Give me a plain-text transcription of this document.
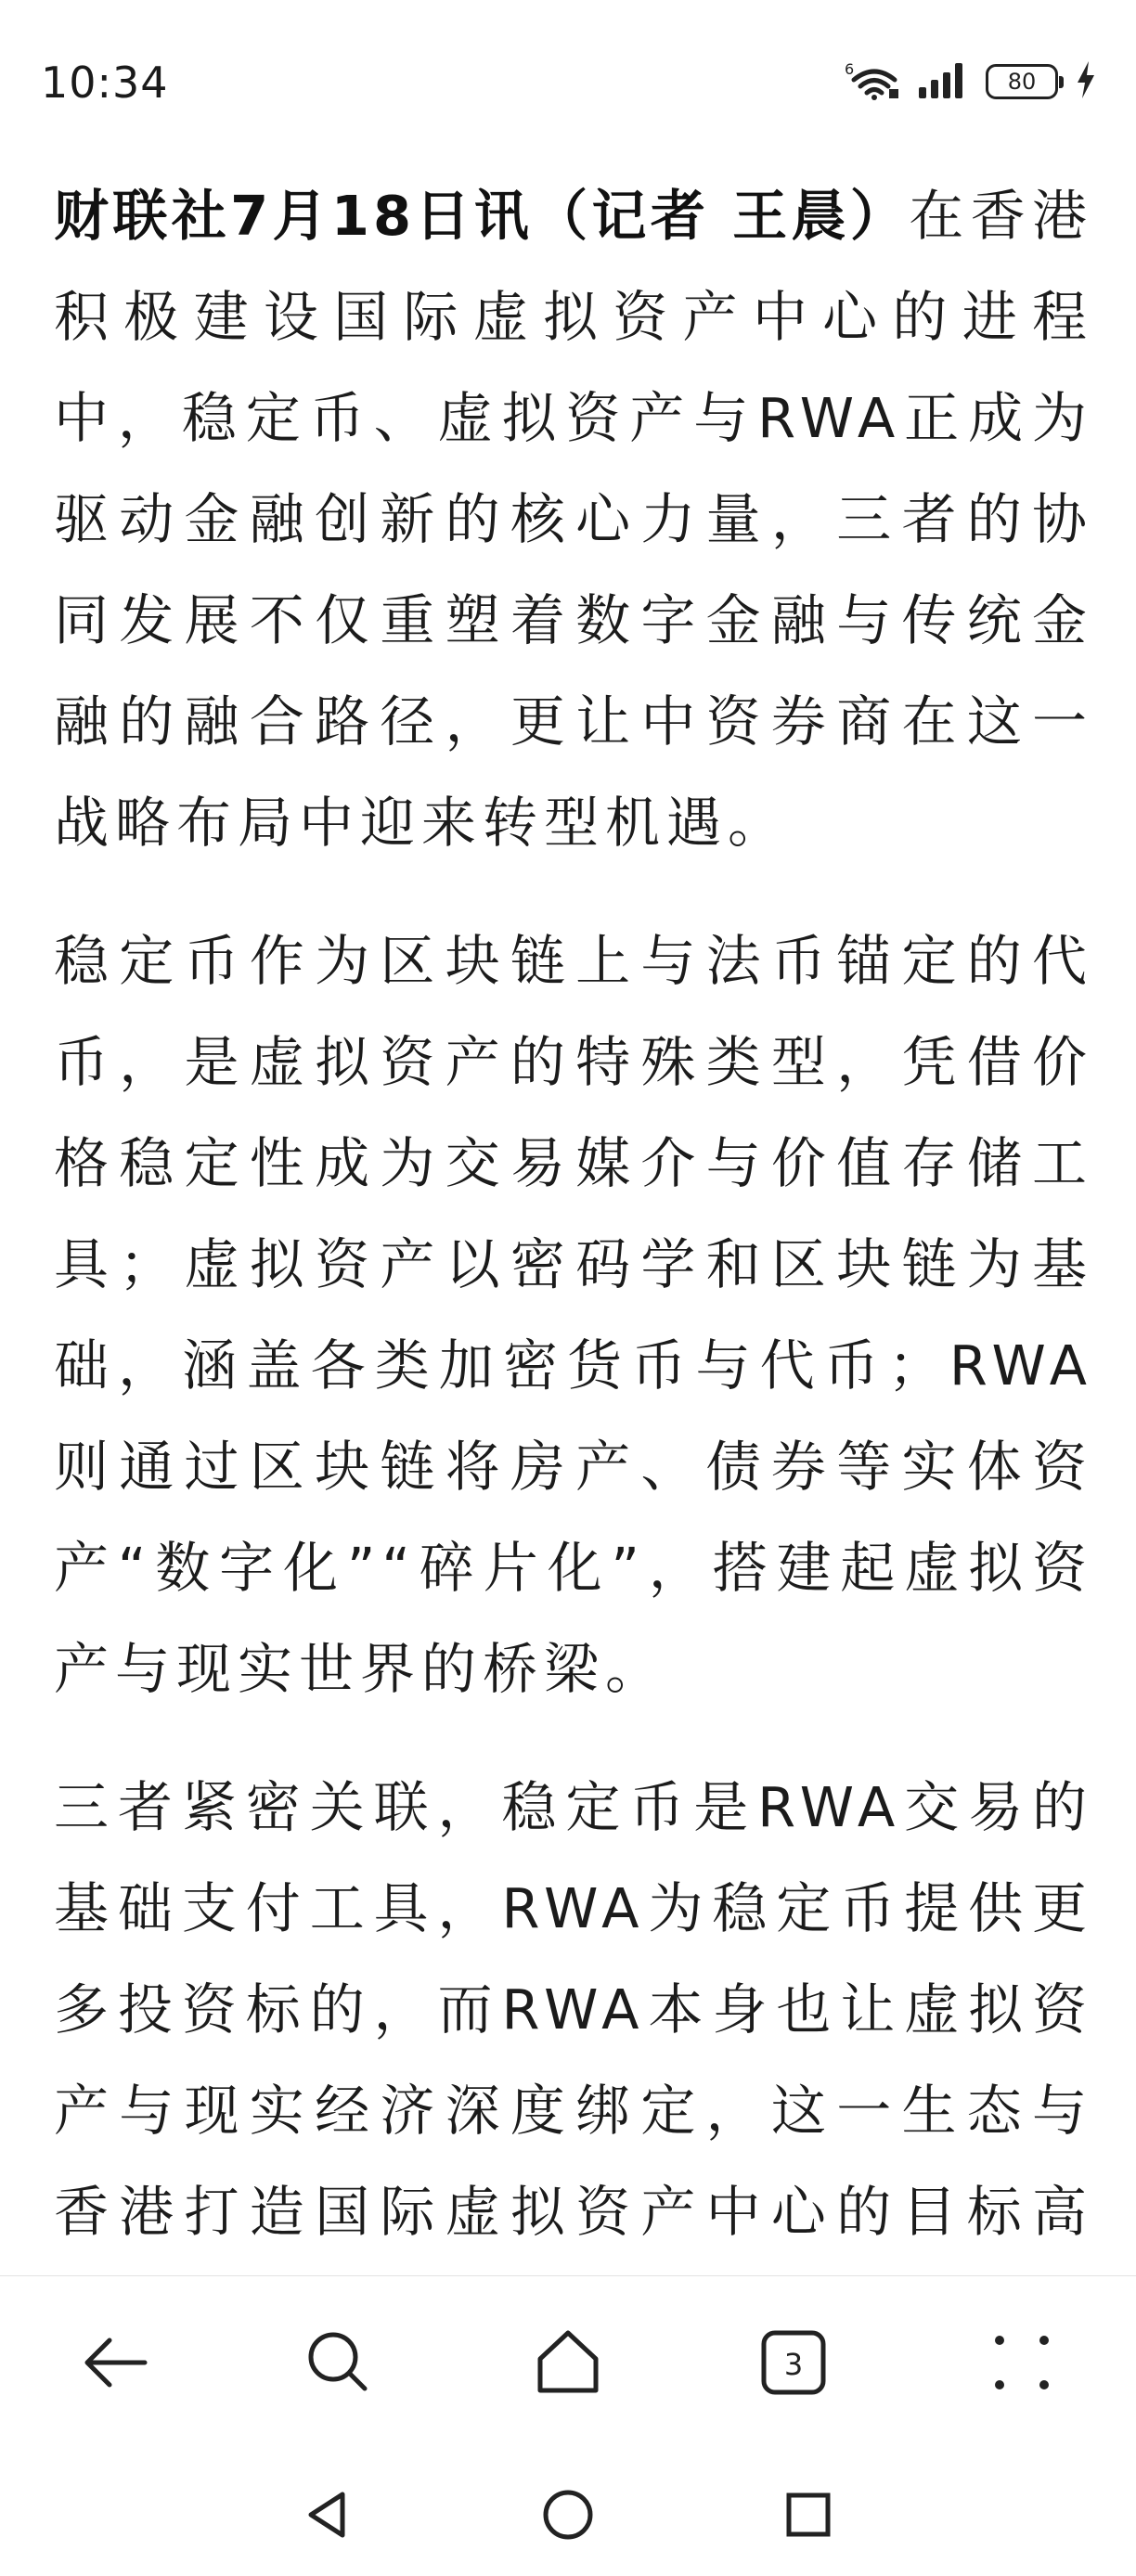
10:34	6	80

财联社7月18日讯（记者 王晨）在香港积极建设国际虚拟资产中心的进程中，稳定币、虚拟资产与RWA正成为驱动金融创新的核心力量，三者的协同发展不仅重塑着数字金融与传统金融的融合路径，更让中资券商在这一战略布局中迎来转型机遇。

稳定币作为区块链上与法币锚定的代币，是虚拟资产的特殊类型，凭借价格稳定性成为交易媒介与价值存储工具；虚拟资产以密码学和区块链为基础，涵盖各类加密货币与代币；RWA则通过区块链将房产、债券等实体资产“数字化”“碎片化”，搭建起虚拟资产与现实世界的桥梁。

三者紧密关联，稳定币是RWA交易的基础支付工具，RWA为稳定币提供更多投资标的，而RWA本身也让虚拟资产与现实经济深度绑定，这一生态与香港打造国际虚拟资产中心的目标高

3
